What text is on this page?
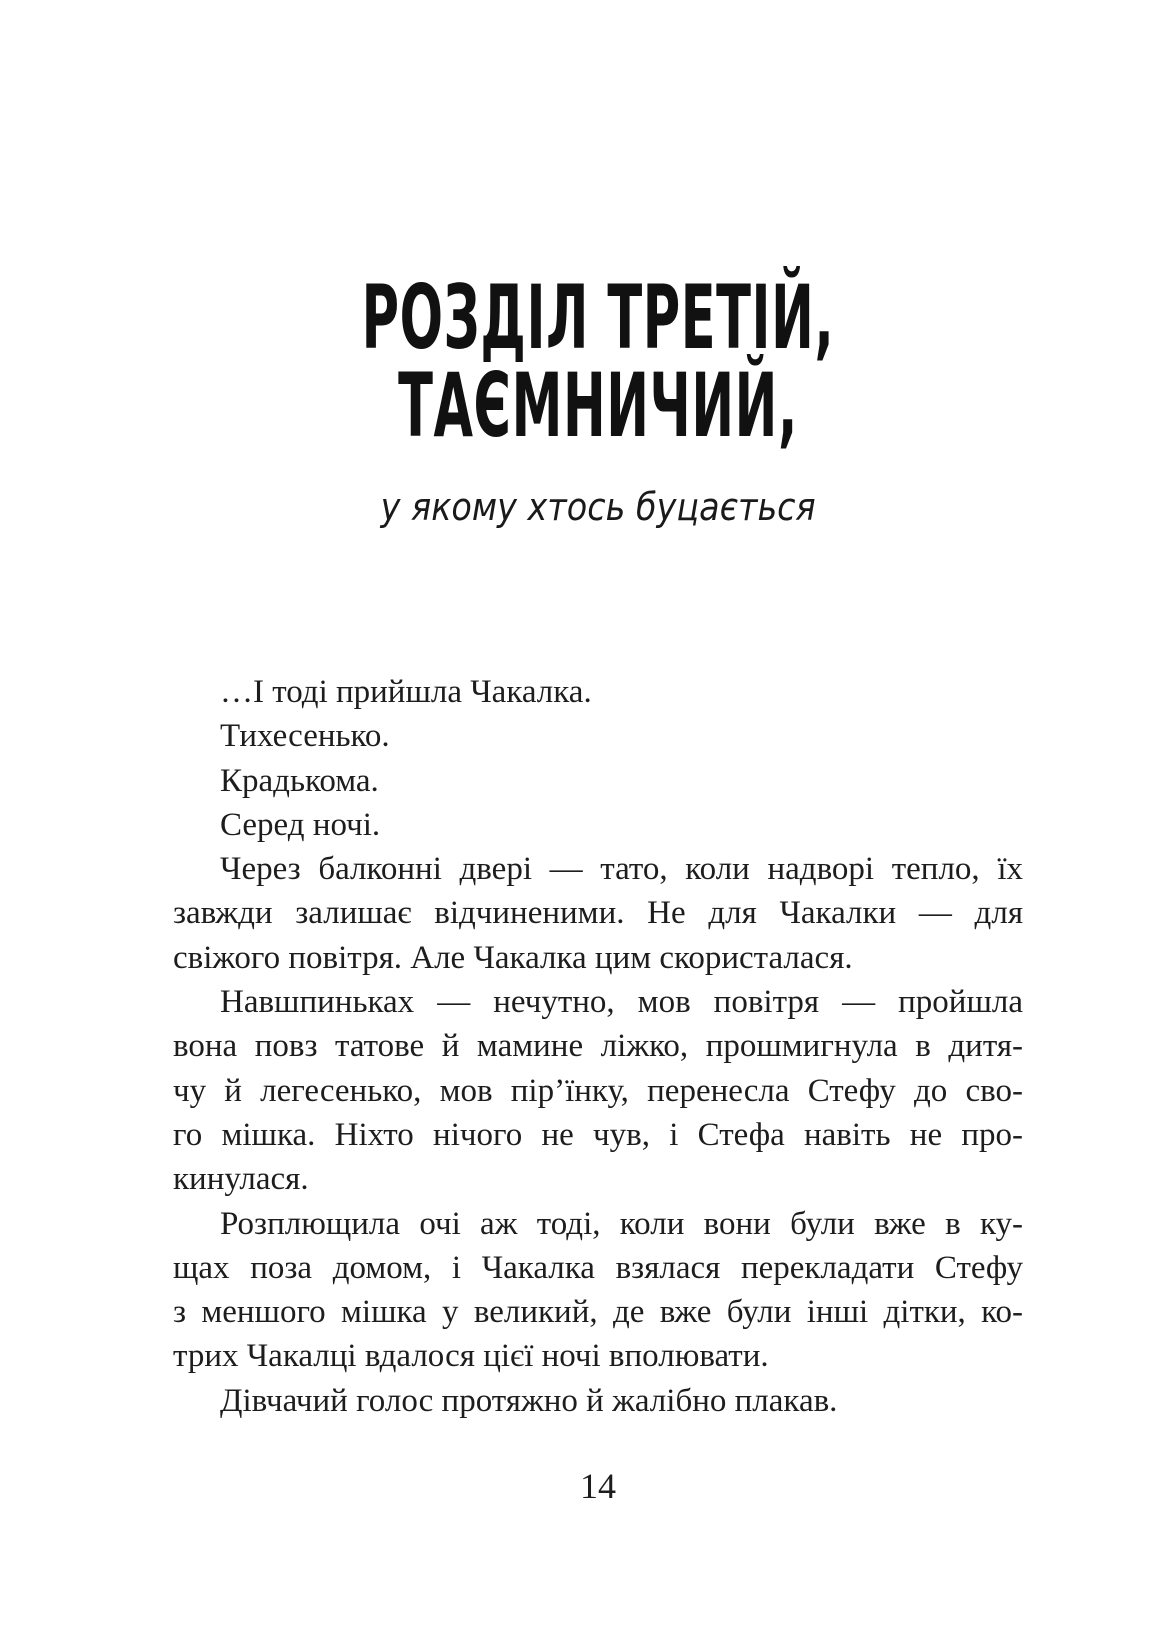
РОЗДІЛ ТРЕТІЙ,
ТАЄМНИЧИЙ,
у якому хтось буцається
…І тоді прийшла Чакалка.
Тихесенько.
Крадькома.
Серед ночі.
Через балконні двері — тато, коли надворі тепло, їх
завжди залишає відчиненими. Не для Чакалки — для
свіжого повітря. Але Чакалка цим скористалася.
Навшпиньках — нечутно, мов повітря — пройшла
вона повз татове й мамине ліжко, прошмигнула в дитя-
чу й легесенько, мов пір’їнку, перенесла Стефу до сво-
го мішка. Ніхто нічого не чув, і Стефа навіть не про-
кинулася.
Розплющила очі аж тоді, коли вони були вже в ку-
щах поза домом, і Чакалка взялася перекладати Стефу
з меншого мішка у великий, де вже були інші дітки, ко-
трих Чакалці вдалося цієї ночі вполювати.
Дівчачий голос протяжно й жалібно плакав.
14
